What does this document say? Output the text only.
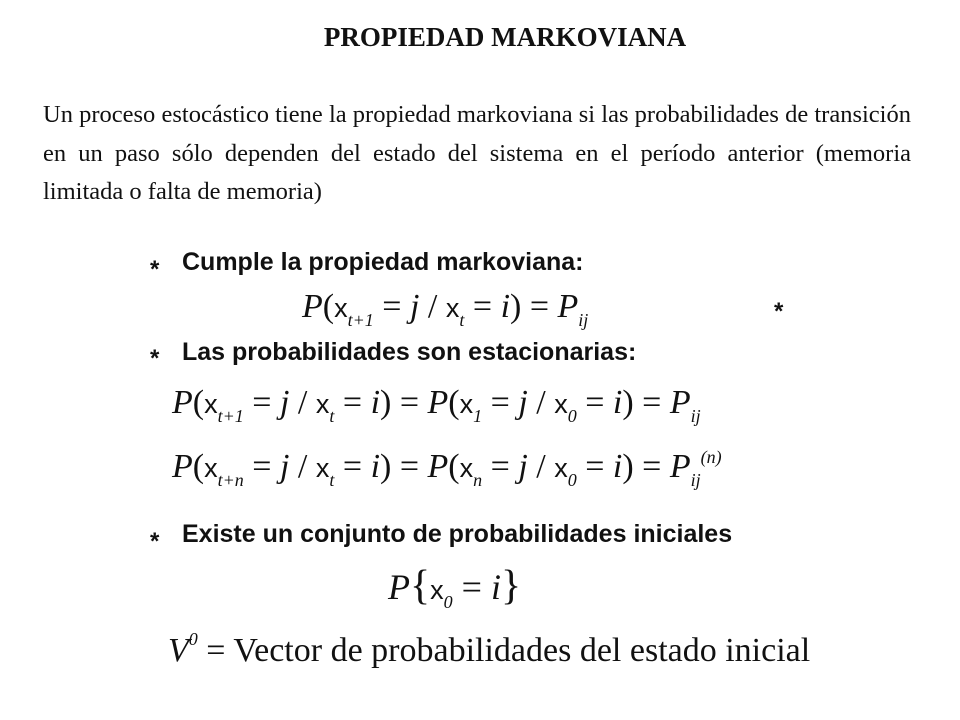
PROPIEDAD MARKOVIANA
Un proceso estocástico tiene la propiedad markoviana si las probabilidades de transición en un paso sólo dependen del estado del sistema en el período anterior (memoria limitada o falta de memoria)
* Cumple la propiedad markoviana:
$P(x_{t+1} = j / x_t = i) = P_{ij}$	*
* Las probabilidades son estacionarias:
$P(x_{t+1} = j / x_t = i) = P(x_1 = j / x_0 = i) = P_{ij}$
$P(x_{t+n} = j / x_t = i) = P(x_n = j / x_0 = i) = P_{ij}^{(n)}$
* Existe un conjunto de probabilidades iniciales
$P\{x_0 = i\}$
$V^0$ = Vector de probabilidades del estado inicial
